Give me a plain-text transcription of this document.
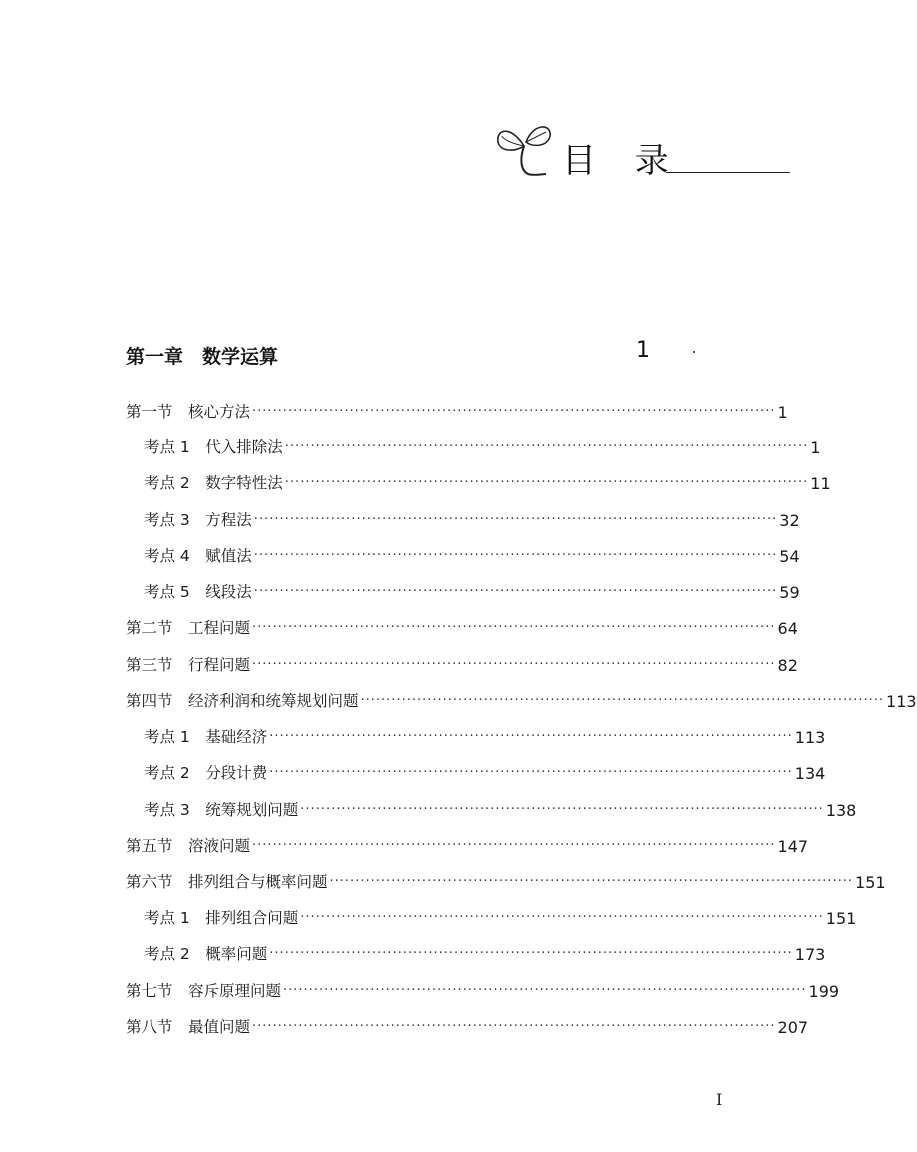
目 录
第一章　数学运算	1
第一节　核心方法 ······································································································ 1
考点 1　代入排除法 ······································································································ 1
考点 2　数字特性法 ······································································································ 11
考点 3　方程法 ······································································································ 32
考点 4　赋值法 ······································································································ 54
考点 5　线段法 ······································································································ 59
第二节　工程问题 ······································································································ 64
第三节　行程问题 ······································································································ 82
第四节　经济利润和统筹规划问题 ······································································································ 113
考点 1　基础经济 ······································································································ 113
考点 2　分段计费 ······································································································ 134
考点 3　统筹规划问题 ······································································································ 138
第五节　溶液问题 ······································································································ 147
第六节　排列组合与概率问题 ······································································································ 151
考点 1　排列组合问题 ······································································································ 151
考点 2　概率问题 ······································································································ 173
第七节　容斥原理问题 ······································································································ 199
第八节　最值问题 ······································································································ 207
I
